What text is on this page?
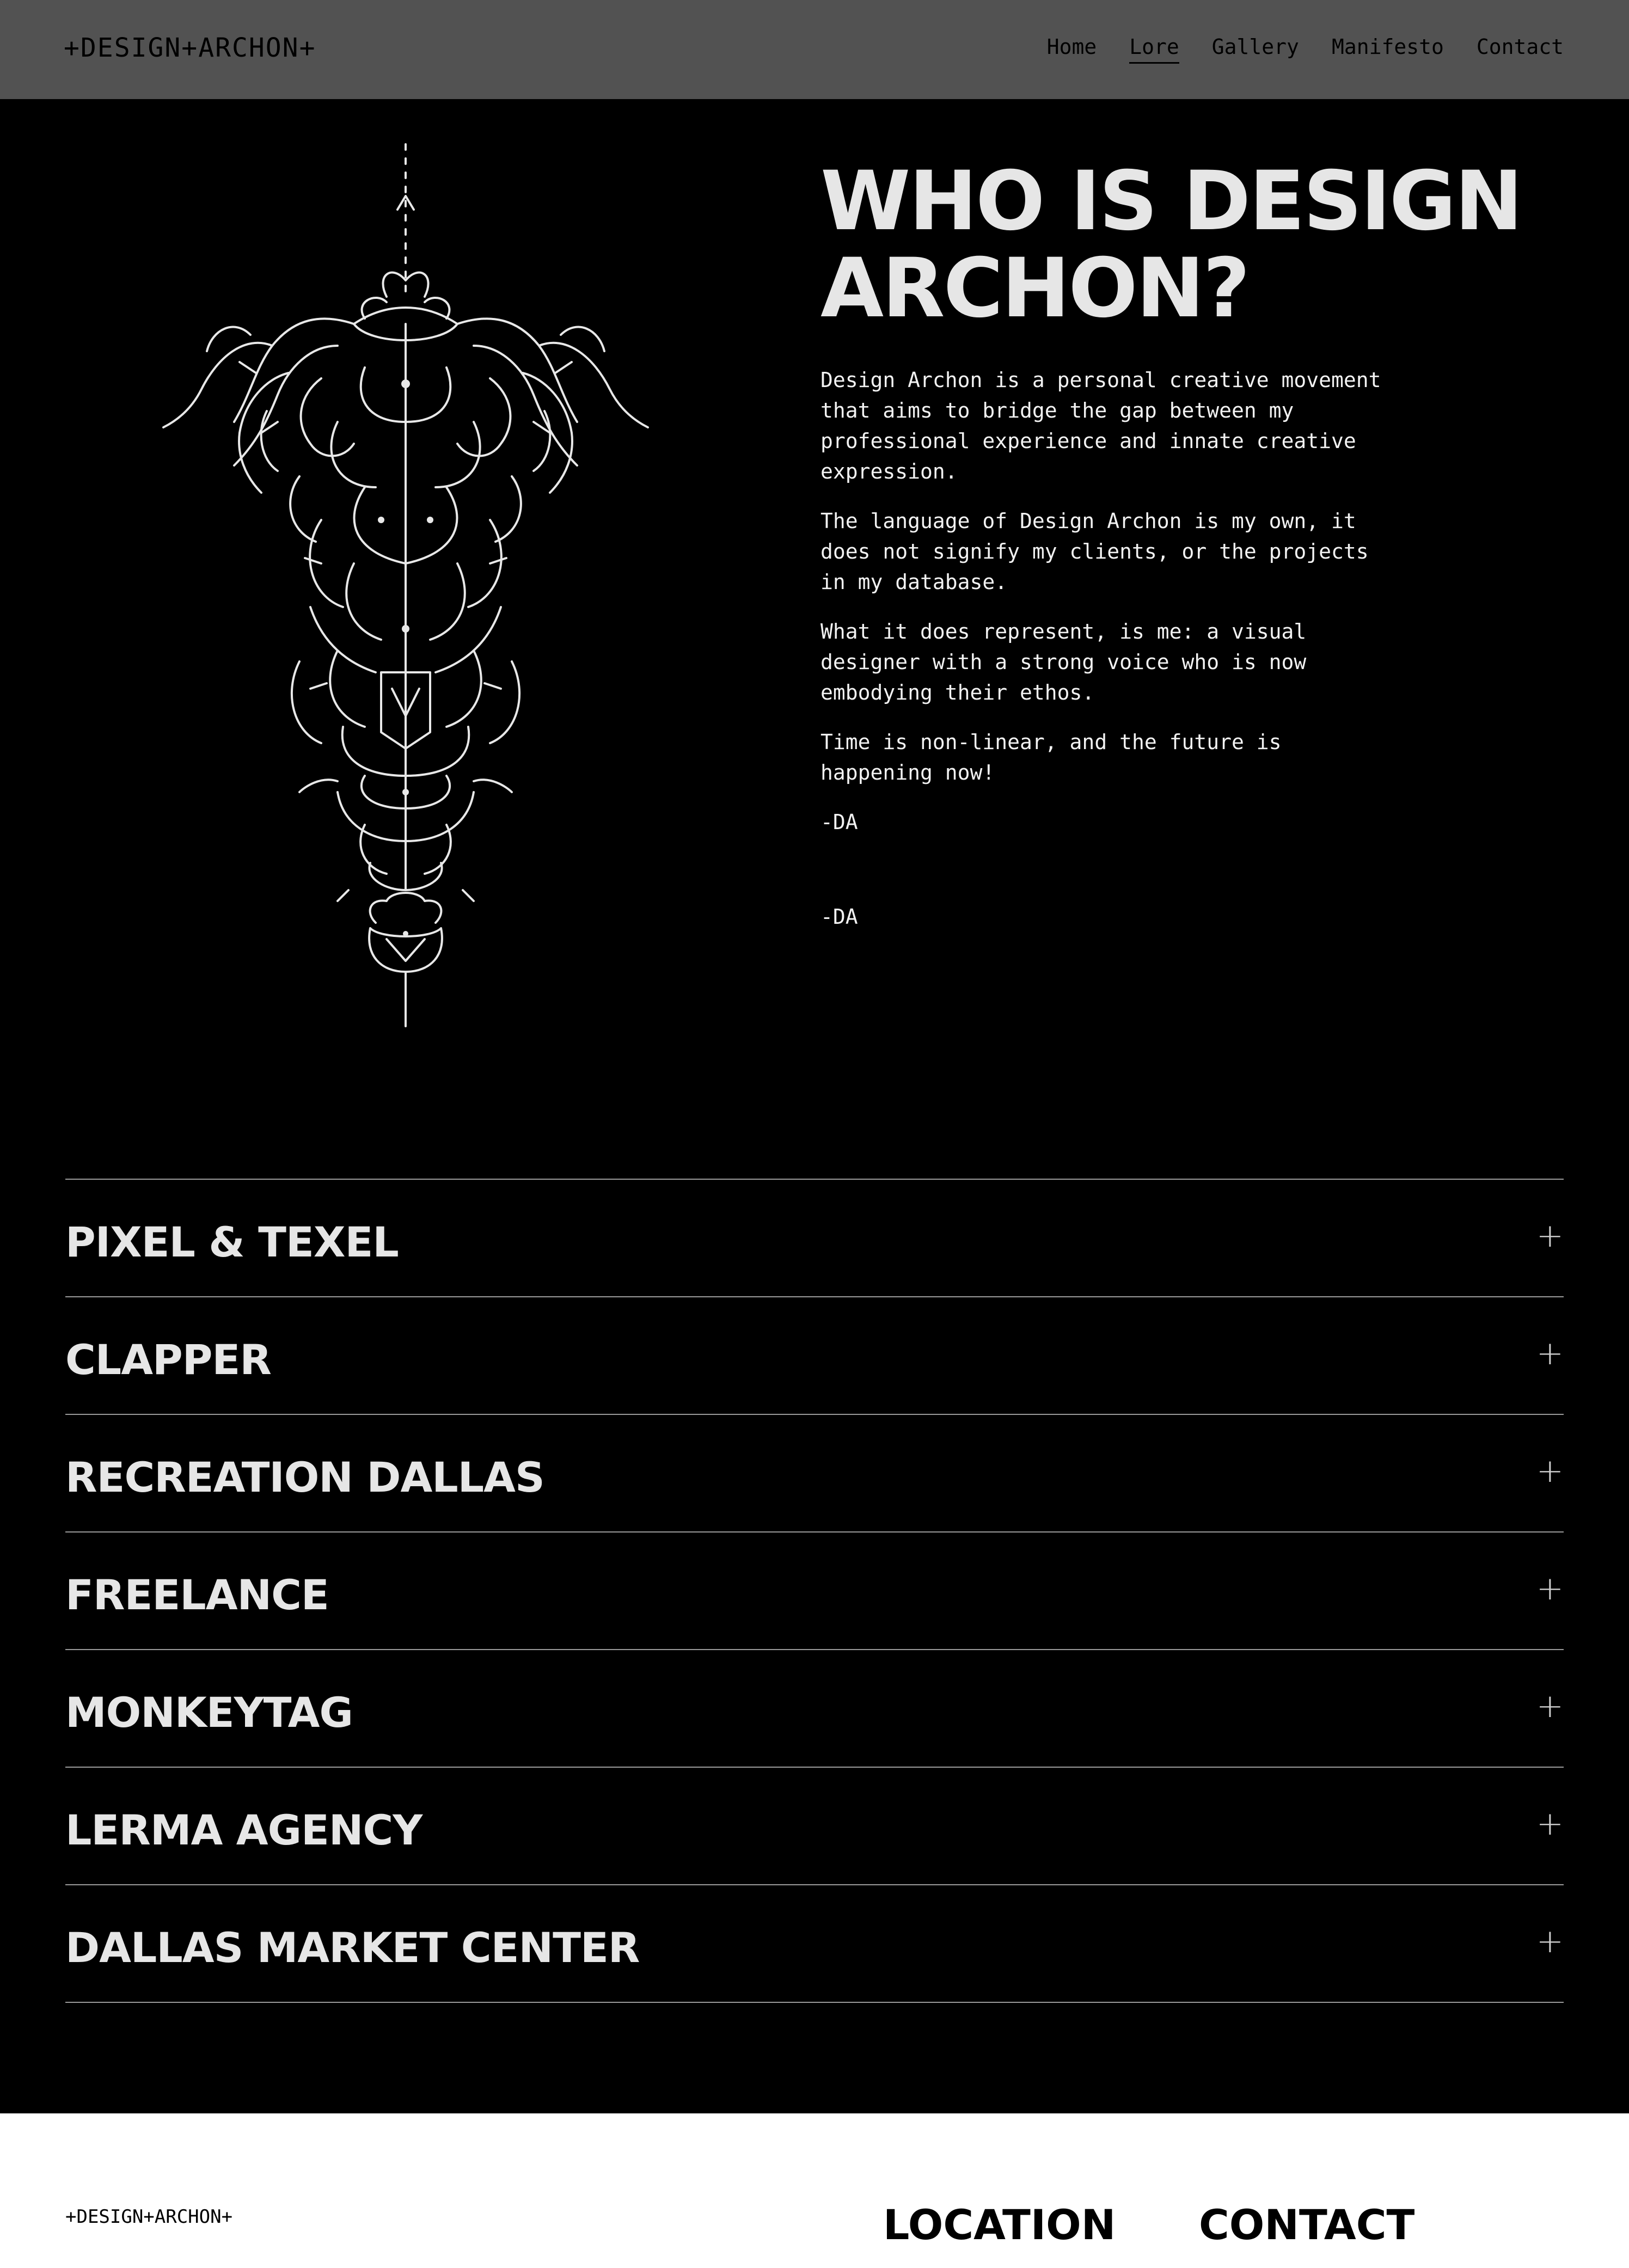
+DESIGN+ARCHON+	Home Lore Gallery Manifesto Contact
WHO IS DESIGN
ARCHON?

Design Archon is a personal creative movement that aims to bridge the gap between my professional experience and innate creative expression.

The language of Design Archon is my own, it does not signify my clients, or the projects in my database.

What it does represent, is me: a visual designer with a strong voice who is now embodying their ethos.

Time is non-linear, and the future is happening now!

-DA

-DA
PIXEL & TEXEL	+
CLAPPER	+
RECREATION DALLAS	+
FREELANCE	+
MONKEYTAG	+
LERMA AGENCY	+
DALLAS MARKET CENTER	+
+DESIGN+ARCHON+	LOCATION CONTACT
